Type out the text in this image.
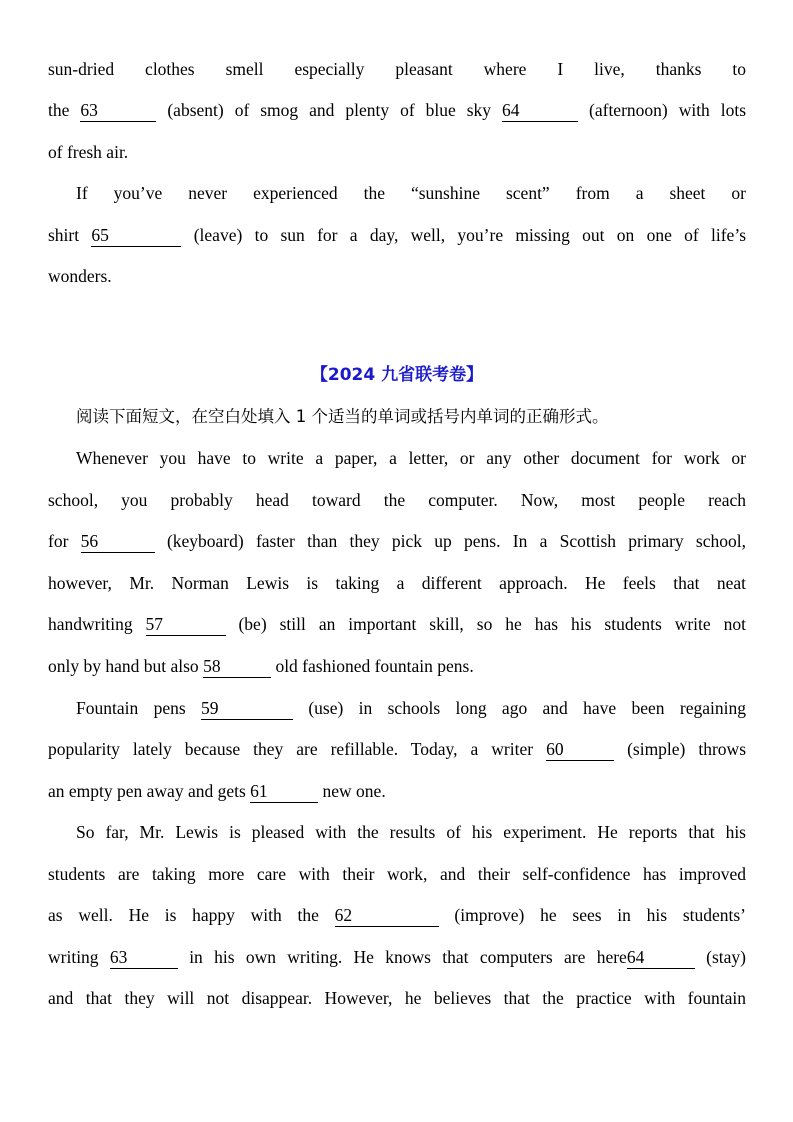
sun-dried clothes smell especially pleasant where I live, thanks to
the 63	(absent) of smog and plenty of blue sky 64	(afternoon) with lots
of fresh air.
If you’ve never experienced the “sunshine scent” from a sheet or
shirt 65	(leave) to sun for a day, well, you’re missing out on one of life’s
wonders.
【2024 九省联考卷】
阅读下面短文，在空白处填入 1 个适当的单词或括号内单词的正确形式。
Whenever you have to write a paper, a letter, or any other document for work or
school, you probably head toward the computer. Now, most people reach
for 56	(keyboard) faster than they pick up pens. In a Scottish primary school,
however, Mr. Norman Lewis is taking a different approach. He feels that neat
handwriting 57	(be) still an important skill, so he has his students write not
only by hand but also 58	old fashioned fountain pens.
Fountain pens 59	(use) in schools long ago and have been regaining
popularity lately because they are refillable. Today, a writer 60	(simple) throws
an empty pen away and gets 61	new one.
So far, Mr. Lewis is pleased with the results of his experiment. He reports that his
students are taking more care with their work, and their self-confidence has improved
as well. He is happy with the 62	(improve) he sees in his students’
writing 63	in his own writing. He knows that computers are here64	(stay)
and that they will not disappear. However, he believes that the practice with fountain
